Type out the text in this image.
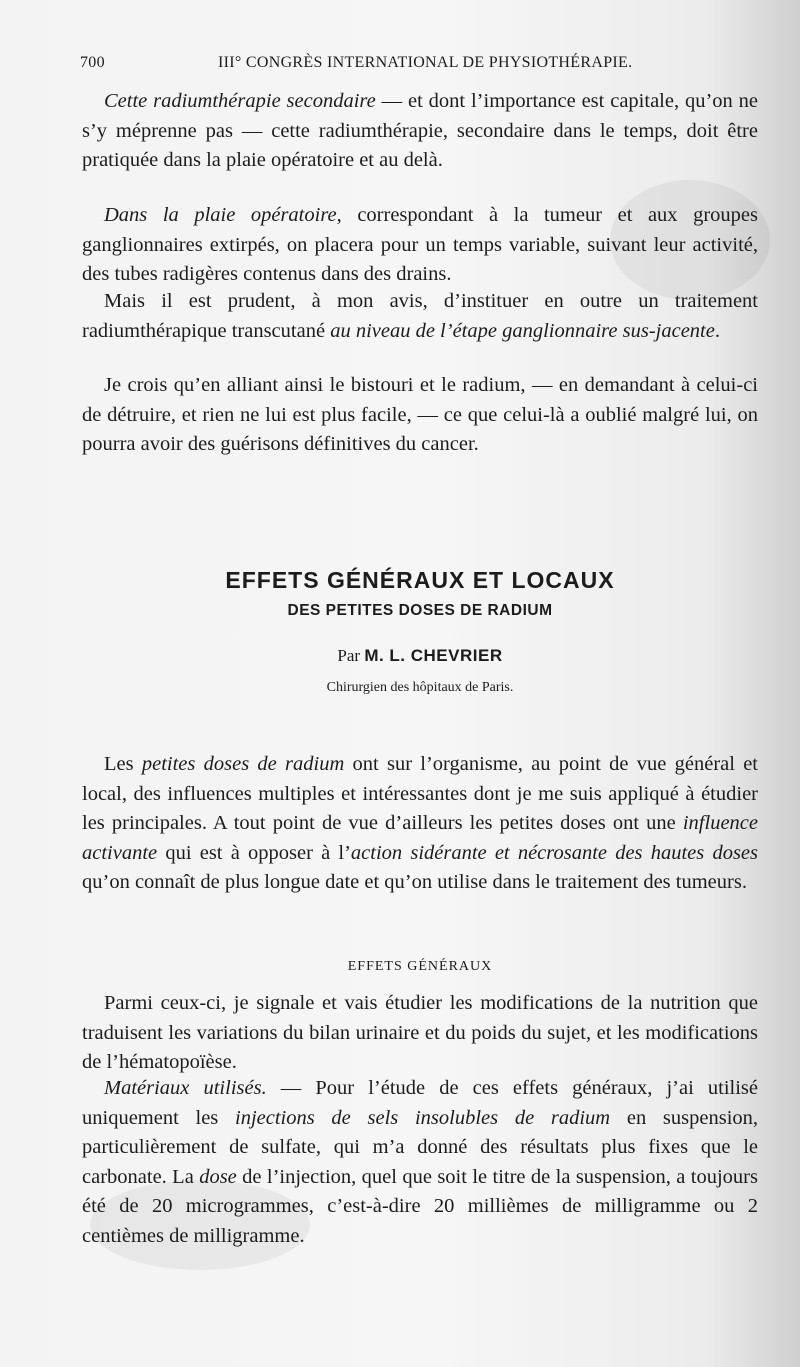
700	III° CONGRÈS INTERNATIONAL DE PHYSIOTHÉRAPIE.

Cette radiumthérapie secondaire — et dont l’importance est capitale, qu’on ne s’y méprenne pas — cette radiumthérapie, secondaire dans le temps, doit être pratiquée dans la plaie opératoire et au delà.

Dans la plaie opératoire, correspondant à la tumeur et aux groupes ganglionnaires extirpés, on placera pour un temps variable, suivant leur activité, des tubes radigères contenus dans des drains.

Mais il est prudent, à mon avis, d’instituer en outre un traitement radiumthérapique transcutané au niveau de l’étape ganglionnaire sus-jacente.

Je crois qu’en alliant ainsi le bistouri et le radium, — en demandant à celui-ci de détruire, et rien ne lui est plus facile, — ce que celui-là a oublié malgré lui, on pourra avoir des guérisons définitives du cancer.

EFFETS GÉNÉRAUX ET LOCAUX
DES PETITES DOSES DE RADIUM
Par M. L. CHEVRIER
Chirurgien des hôpitaux de Paris.

Les petites doses de radium ont sur l’organisme, au point de vue général et local, des influences multiples et intéressantes dont je me suis appliqué à étudier les principales. A tout point de vue d’ailleurs les petites doses ont une influence activante qui est à opposer à l’action sidérante et nécrosante des hautes doses qu’on connaît de plus longue date et qu’on utilise dans le traitement des tumeurs.

EFFETS GÉNÉRAUX

Parmi ceux-ci, je signale et vais étudier les modifications de la nutrition que traduisent les variations du bilan urinaire et du poids du sujet, et les modifications de l’hématopoïèse.

Matériaux utilisés. — Pour l’étude de ces effets généraux, j’ai utilisé uniquement les injections de sels insolubles de radium en suspension, particulièrement de sulfate, qui m’a donné des résultats plus fixes que le carbonate. La dose de l’injection, quel que soit le titre de la suspension, a toujours été de 20 microgrammes, c’est-à-dire 20 millièmes de milligramme ou 2 centièmes de milligramme.
